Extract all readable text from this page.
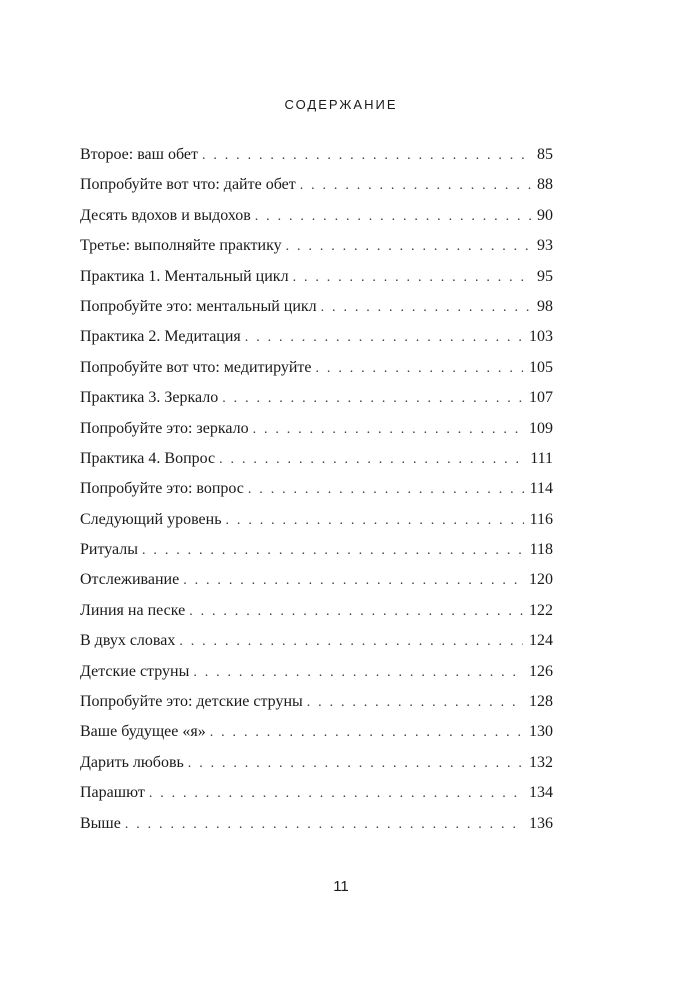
СОДЕРЖАНИЕ
Второе: ваш обет . . .	85
Попробуйте вот что: дайте обет . . .	88
Десять вдохов и выдохов . . .	90
Третье: выполняйте практику . . .	93
Практика 1. Ментальный цикл . . .	95
Попробуйте это: ментальный цикл . . .	98
Практика 2. Медитация . . .	103
Попробуйте вот что: медитируйте . . .	105
Практика 3. Зеркало . . .	107
Попробуйте это: зеркало . . .	109
Практика 4. Вопрос . . .	111
Попробуйте это: вопрос . . .	114
Следующий уровень . . .	116
Ритуалы . . .	118
Отслеживание . . .	120
Линия на песке . . .	122
В двух словах . . .	124
Детские струны . . .	126
Попробуйте это: детские струны . . .	128
Ваше будущее «я» . . .	130
Дарить любовь . . .	132
Парашют . . .	134
Выше . . .	136
11
